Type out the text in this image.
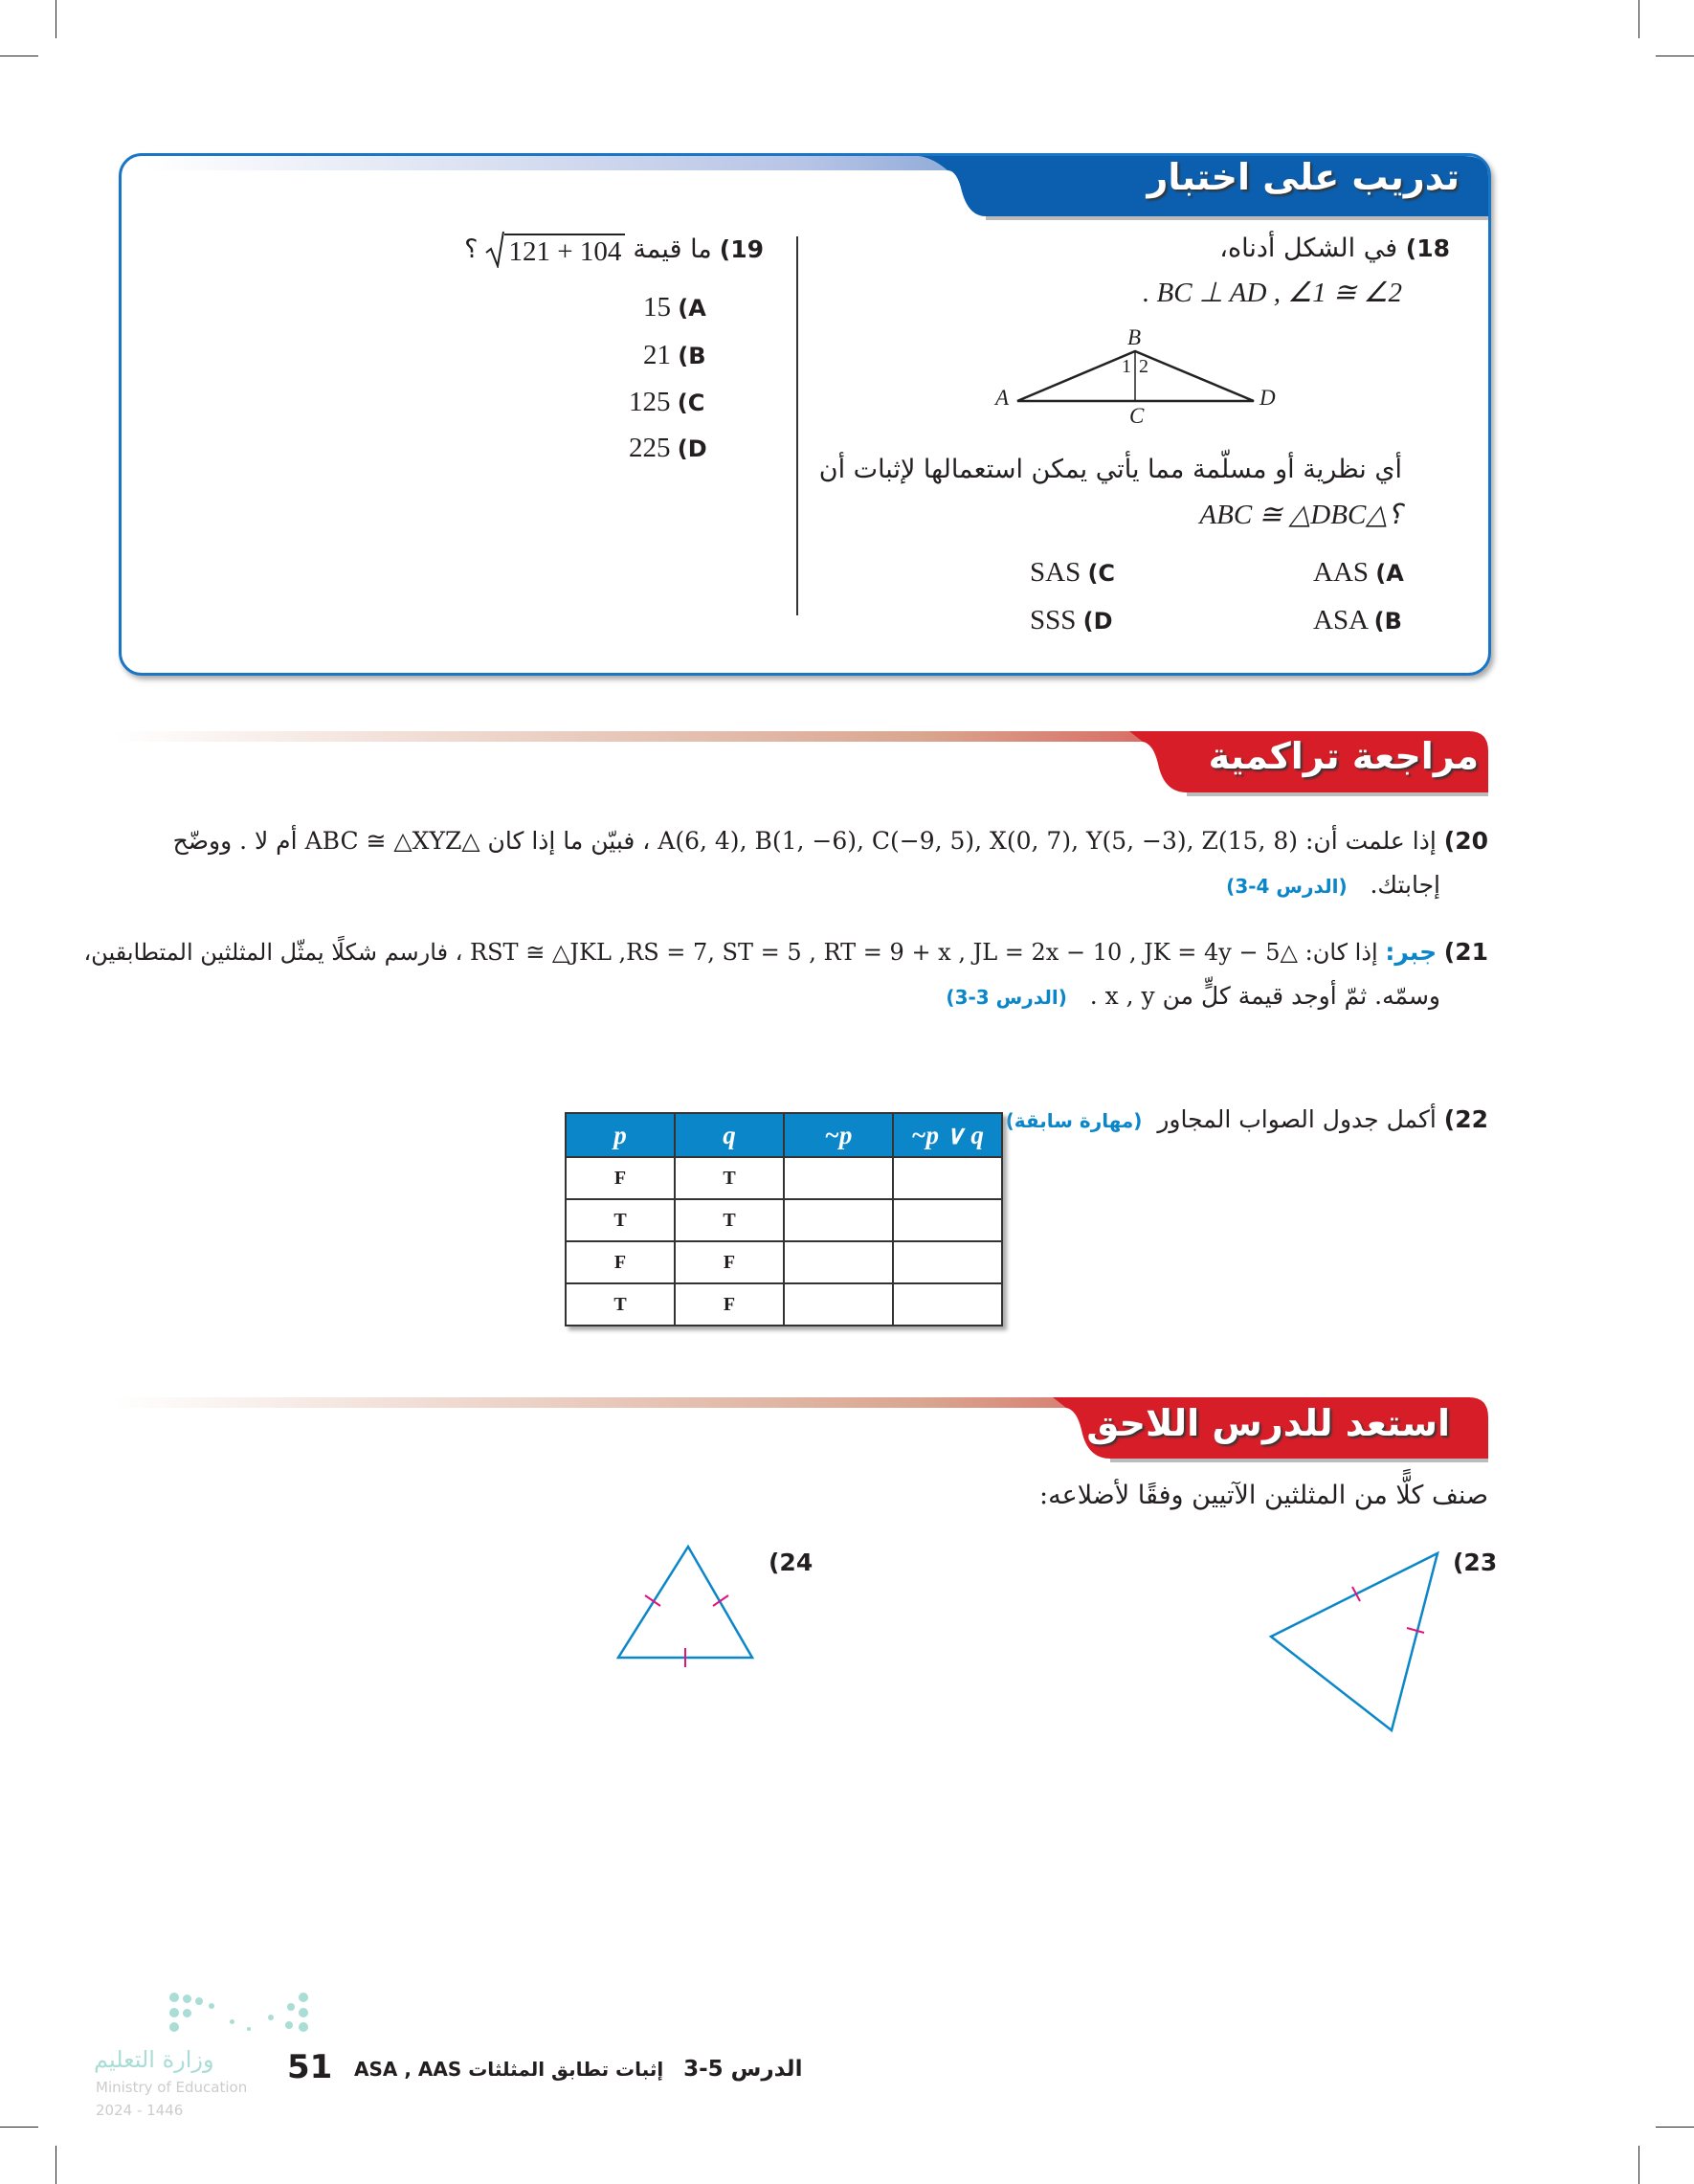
تدريب على اختبار
مراجعة تراكمية
استعد للدرس اللاحق
18) في الشكل أدناه،
. BC ⊥ AD , ∠1 ≅ ∠2
B
1 2
A
C
D
أي نظرية أو مسلّمة مما يأتي يمكن استعمالها لإثبات أن
؟△ABC ≅ △DBC
AAS (A
ASA (B
SAS (C
SSS (D
19)
ما قيمة
121 + 104
؟
15 (A
21 (B
125 (C
225 (D
20) إذا علمت أن: A(6, 4), B(1, −6), C(−9, 5), X(0, 7), Y(5, −3), Z(15, 8) ، فبيّن ما إذا كان △ABC ≅ △XYZ أم لا . ووضّح
إجابتك.   (الدرس 4-3)
21) جبر: إذا كان: △RST ≅ △JKL ,RS = 7, ST = 5 , RT = 9 + x , JL = 2x − 10 , JK = 4y − 5 ، فارسم شكلًا يمثّل المثلثين المتطابقين،
وسمّه. ثمّ أوجد قيمة كلٍّ من x , y .   (الدرس 3-3)
22) أكمل جدول الصواب المجاور  (مهارة سابقة)
p	q	~p	~p ∨ q
F	T		
T	T		
F	F		
T	F		
صنف كلًّا من المثلثين الآتيين وفقًا لأضلاعه:
(23
(24
وزارة التعليم
Ministry of Education
2024 - 1446
51	الدرس 5-3   إثبات تطابق المثلثات ASA , AAS
